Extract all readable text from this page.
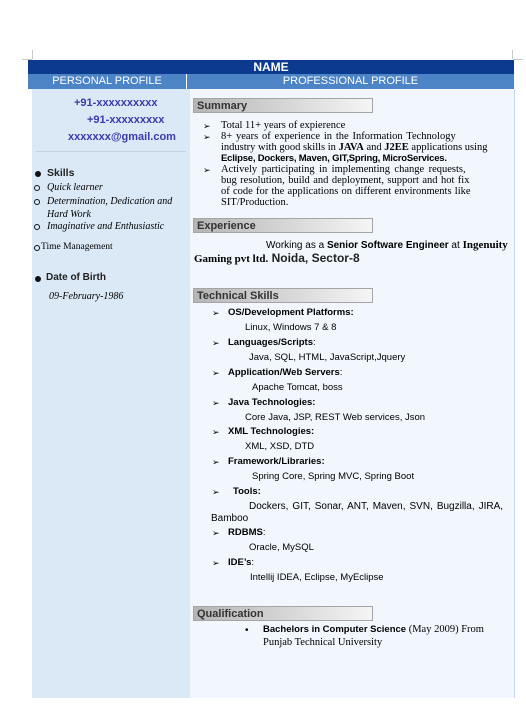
NAME
PERSONAL PROFILE	PROFESSIONAL PROFILE
+91-xxxxxxxxxx
+91-xxxxxxxxx
xxxxxxx@gmail.com
Skills
Quick learner
Determination, Dedication and
Hard Work
Imaginative and Enthusiastic
Time Management
Date of Birth
09-February-1986
Summary
➢ Total 11+ years of expierence
➢ 8+ years of experience in the Information Technology
industry with good skills in JAVA and J2EE applications using
Eclipse, Dockers, Maven, GIT,Spring, MicroServices.
➢ Actively participating in implementing change requests,
bug resolution, build and deployment, support and hot fix
of code for the applications on different environments like
SIT/Production.
Experience
Working as a Senior Software Engineer at Ingenuity
Gaming pvt ltd. Noida, Sector-8
Technical Skills
➢ OS/Development Platforms:
Linux, Windows 7 & 8
➢ Languages/Scripts:
Java, SQL, HTML, JavaScript,Jquery
➢ Application/Web Servers:
Apache Tomcat, boss
➢ Java Technologies:
Core Java, JSP, REST Web services, Json
➢ XML Technologies:
XML, XSD, DTD
➢ Framework/Libraries:
Spring Core, Spring MVC, Spring Boot
➢ Tools:
Dockers, GIT, Sonar, ANT, Maven, SVN, Bugzilla, JIRA,
Bamboo
➢ RDBMS:
Oracle, MySQL
➢ IDE’s:
Intellij IDEA, Eclipse, MyEclipse
Qualification
• Bachelors in Computer Science (May 2009) From
Punjab Technical University
